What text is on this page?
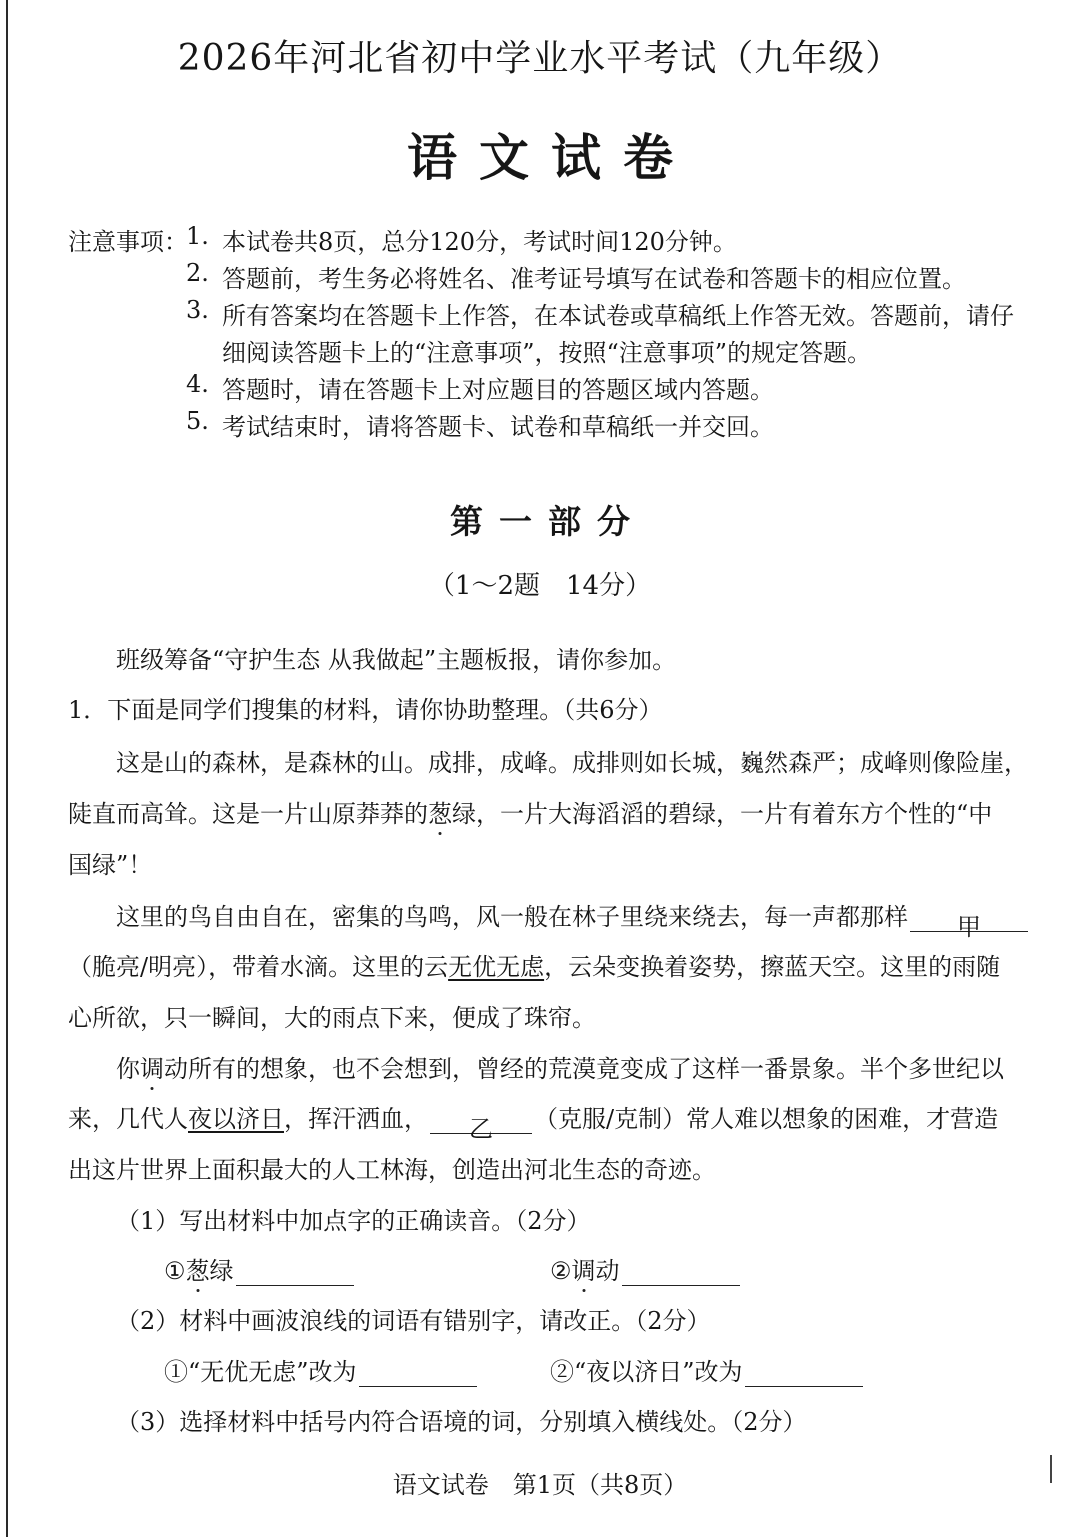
2026年河北省初中学业水平考试（九年级）
语文试卷
注意事项：
1. 本试卷共8页，总分120分，考试时间120分钟。
2. 答题前，考生务必将姓名、准考证号填写在试卷和答题卡的相应位置。
3. 所有答案均在答题卡上作答，在本试卷或草稿纸上作答无效。答题前，请仔
细阅读答题卡上的“注意事项”，按照“注意事项”的规定答题。
4. 答题时，请在答题卡上对应题目的答题区域内答题。
5. 考试结束时，请将答题卡、试卷和草稿纸一并交回。
第一部分
（1～2题　14分）
班级筹备“守护生态 从我做起”主题板报，请你参加。
1．下面是同学们搜集的材料，请你协助整理。（共6分）
这是山的森林，是森林的山。成排，成峰。成排则如长城，巍然森严；成峰则像险崖，
陡直而高耸。这是一片山原莽莽的葱绿，一片大海滔滔的碧绿，一片有着东方个性的“中
国绿”！
这里的鸟自由自在，密集的鸟鸣，风一般在林子里绕来绕去，每一声都那样 甲
（脆亮/明亮），带着水滴。这里的云无优无虑，云朵变换着姿势，擦蓝天空。这里的雨随
心所欲，只一瞬间，大的雨点下来，便成了珠帘。
你调动所有的想象，也不会想到，曾经的荒漠竟变成了这样一番景象。半个多世纪以
来，几代人夜以济日，挥汗洒血， 乙 （克服/克制）常人难以想象的困难，才营造
出这片世界上面积最大的人工林海，创造出河北生态的奇迹。
（1）写出材料中加点字的正确读音。（2分）
①葱绿	②调动
（2）材料中画波浪线的词语有错别字，请改正。（2分）
①“无优无虑”改为	②“夜以济日”改为
（3）选择材料中括号内符合语境的词，分别填入横线处。（2分）
语文试卷　第1页（共8页）
